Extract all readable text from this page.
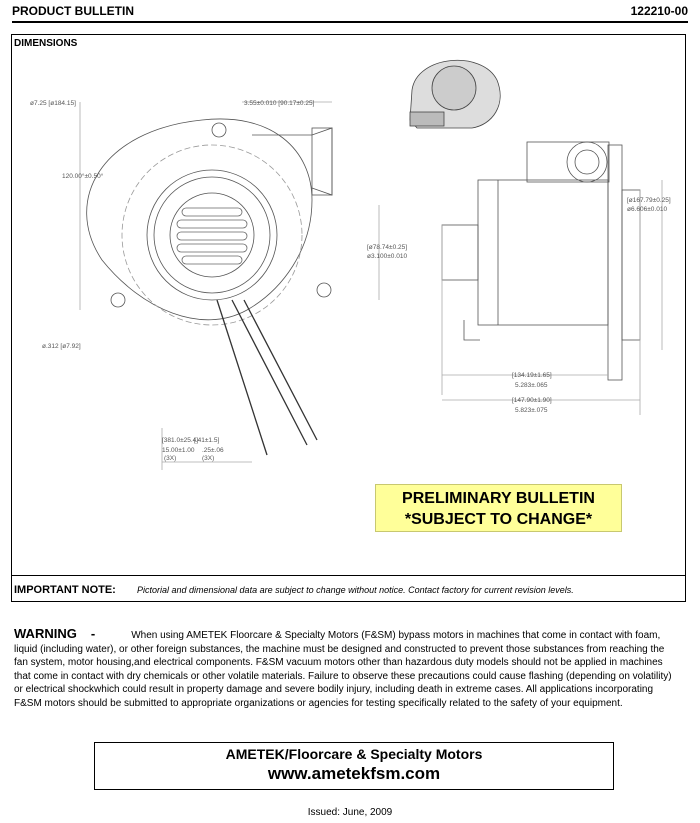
PRODUCT BULLETIN	122210-00
DIMENSIONS
ø7.25 [ø184.15]	3.55±0.010 [90.17±0.25]
120.00°±0.50°
ø.312 [ø7.92]
[381.0±25.4]
15.00±1.00
[.41±1.5]
.25±.06
(3X)	(3X)
[ø167.79±0.25]
ø6.606±0.010
[ø78.74±0.25]
ø3.100±0.010
[134.19±1.65]
5.283±.065
[147.90±1.90]
5.823±.075
PRELIMINARY BULLETIN
*SUBJECT TO CHANGE*
IMPORTANT NOTE: Pictorial and dimensional data are subject to change without notice. Contact factory for current revision levels.
WARNING -	When using AMETEK Floorcare & Specialty Motors (F&SM) bypass motors in machines that come in contact with foam, liquid (including water), or other foreign substances, the machine must be designed and constructed to prevent those substances from reaching the fan system, motor housing,and electrical components. F&SM vacuum motors other than hazardous duty models should not be applied in machines that come in contact with dry chemicals or other volatile materials. Failure to observe these precautions could cause flashing (depending on volatility) or electrical shockwhich could result in property damage and severe bodily injury, including death in extreme cases. All applications incorporating F&SM motors should be submitted to appropriate organizations or agencies for testing specifically related to the safety of your equipment.
AMETEK/Floorcare & Specialty Motors
www.ametekfsm.com
Issued: June, 2009
